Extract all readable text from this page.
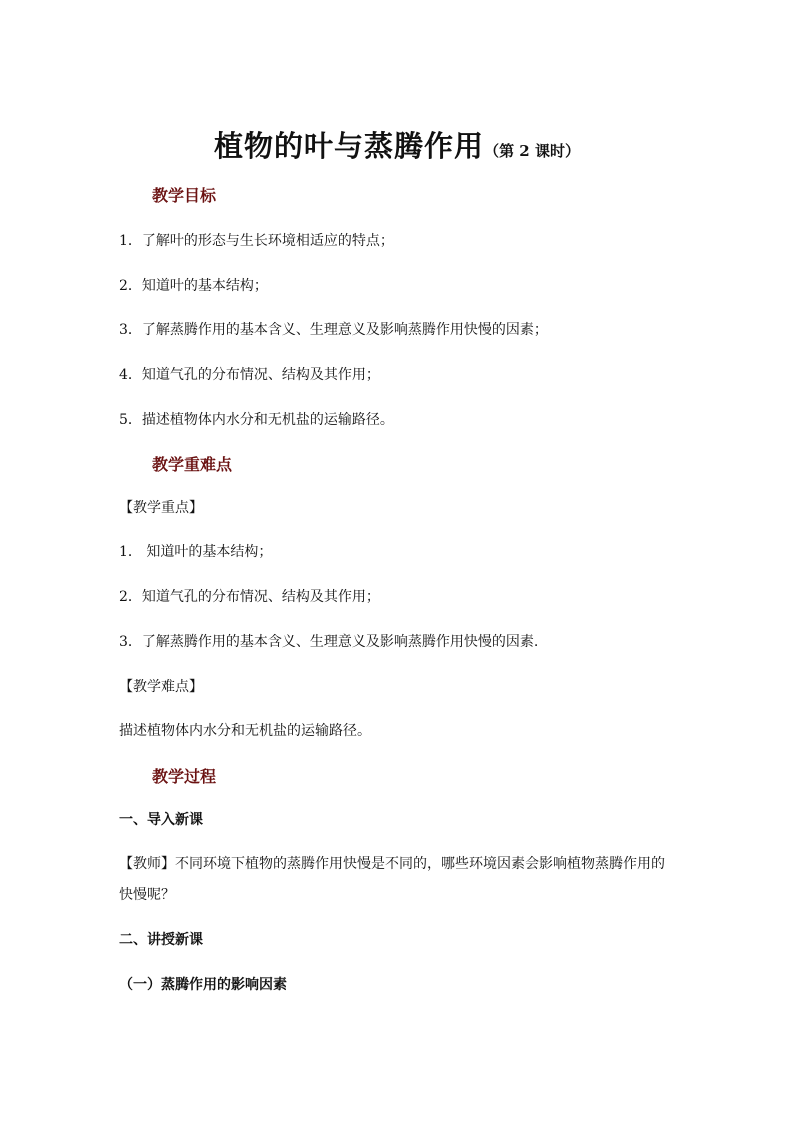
植物的叶与蒸腾作用（第 2 课时）
教学目标
1．了解叶的形态与生长环境相适应的特点；
2．知道叶的基本结构；
3．了解蒸腾作用的基本含义、生理意义及影响蒸腾作用快慢的因素；
4．知道气孔的分布情况、结构及其作用；
5．描述植物体内水分和无机盐的运输路径。
教学重难点
【教学重点】
1． 知道叶的基本结构；
2．知道气孔的分布情况、结构及其作用；
3．了解蒸腾作用的基本含义、生理意义及影响蒸腾作用快慢的因素.
【教学难点】
描述植物体内水分和无机盐的运输路径。
教学过程
一、导入新课
【教师】不同环境下植物的蒸腾作用快慢是不同的，哪些环境因素会影响植物蒸腾作用的
快慢呢？
二、讲授新课
（一）蒸腾作用的影响因素
